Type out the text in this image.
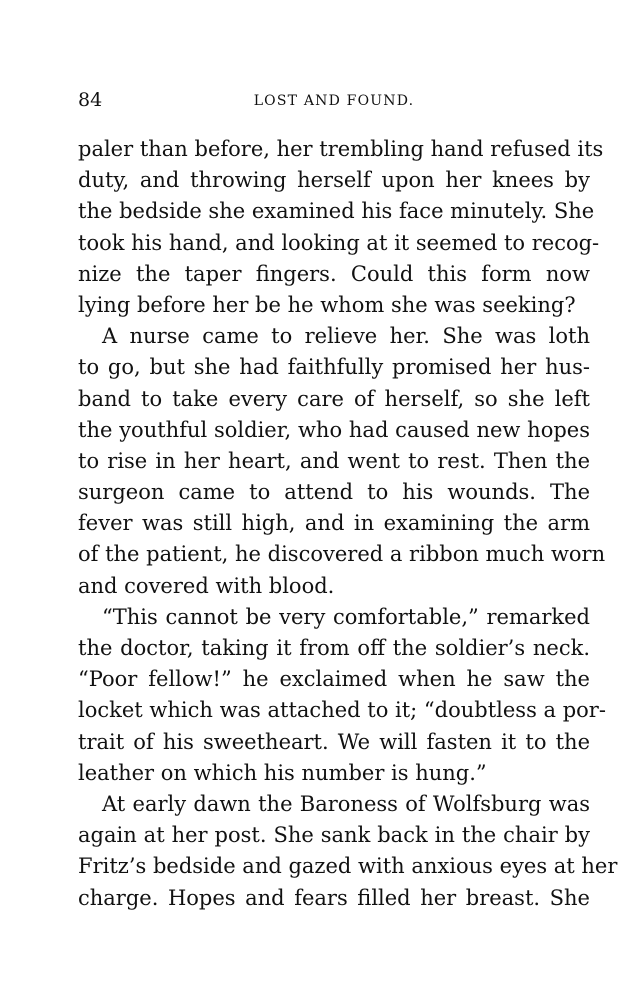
84	LOST AND FOUND.
paler than before, her trembling hand refused its
duty, and throwing herself upon her knees by
the bedside she examined his face minutely. She
took his hand, and looking at it seemed to recog-
nize the taper fingers. Could this form now
lying before her be he whom she was seeking?
A nurse came to relieve her. She was loth
to go, but she had faithfully promised her hus-
band to take every care of herself, so she left
the youthful soldier, who had caused new hopes
to rise in her heart, and went to rest. Then the
surgeon came to attend to his wounds. The
fever was still high, and in examining the arm
of the patient, he discovered a ribbon much worn
and covered with blood.
“This cannot be very comfortable,” remarked
the doctor, taking it from off the soldier’s neck.
“Poor fellow!” he exclaimed when he saw the
locket which was attached to it; “doubtless a por-
trait of his sweetheart. We will fasten it to the
leather on which his number is hung.”
At early dawn the Baroness of Wolfsburg was
again at her post. She sank back in the chair by
Fritz’s bedside and gazed with anxious eyes at her
charge. Hopes and fears filled her breast. She
